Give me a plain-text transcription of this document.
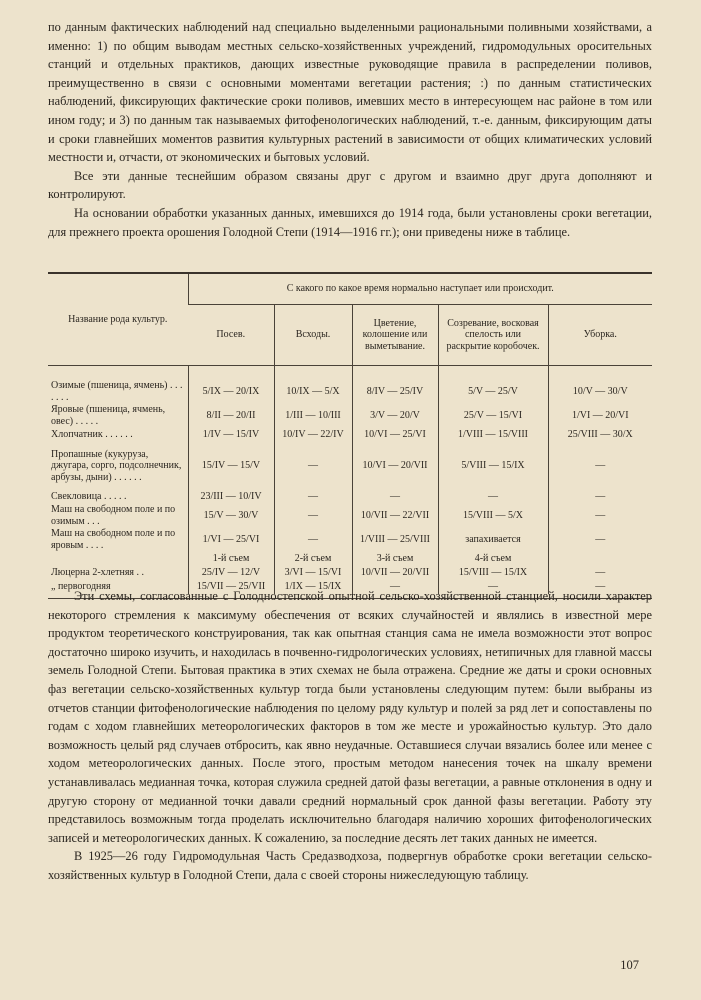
по данным фактических наблюдений над специально выделенными рациональными поливными хозяйствами, а именно: 1) по общим выводам местных сельско-хозяйственных учреждений, гидромодульных оросительных станций и отдельных практиков, дающих известные руководящие правила в распределении поливов, преимущественно в связи с основными моментами вегетации растения; :) по данным статистических наблюдений, фиксирующих фактические сроки поливов, имевших место в интересующем нас районе в том или ином году; и 3) по данным так называемых фитофенологических наблюдений, т.-е. данным, фиксирующим даты и сроки главнейших моментов развития культурных растений в зависимости от общих климатических условий местности и, отчасти, от экономических и бытовых условий.

Все эти данные теснейшим образом связаны друг с другом и взаимно друг друга дополняют и контролируют.

На основании обработки указанных данных, имевшихся до 1914 года, были установлены сроки вегетации, для прежнего проекта орошения Голодной Степи (1914—1916 гг.); они приведены ниже в таблице.

Название рода культур.	С какого по какое время нормально наступает или происходит.				
	Посев.	Всходы.	Цветение, колошение или выметывание.	Созревание, восковая спелость или раскрытие коробочек.	Уборка.

Озимые (пшеница, ячмень) . . . . . . .	5/IX — 20/IX	10/IX — 5/X	8/IV — 25/IV	5/V — 25/V	10/V — 30/V
Яровые (пшеница, ячмень, овес) . . . . .	8/II — 20/II	1/III — 10/III	3/V — 20/V	25/V — 15/VI	1/VI — 20/VI
Хлопчатник . . . . . .	1/IV — 15/IV	10/IV — 22/IV	10/VI — 25/VI	1/VIII — 15/VIII	25/VIII — 30/X
Пропашные (кукуруза, джугара, сорго, подсолнечник, арбузы, дыни) . . . . . .	15/IV — 15/V	—	10/VI — 20/VII	5/VIII — 15/IX	—
Свекловица . . . . .	23/III — 10/IV	—	—	—	—
Маш на свободном поле и по озимым . . .	15/V — 30/V	—	10/VII — 22/VII	15/VIII — 5/X	—
Маш на свободном поле и по яровым . . . .	1/VI — 25/VI	—	1/VIII — 25/VIII	запахивается	—
	1-й съем	2-й съем	3-й съем	4-й съем	
Люцерна 2-хлетняя . .	25/IV — 12/V	3/VI — 15/VI	10/VII — 20/VII	15/VIII — 15/IX	—
„ первогодняя	15/VII — 25/VII	1/IX — 15/IX	—	—	—

Эти схемы, согласованные с Голодностепской опытной сельско-хозяйственной станцией, носили характер некоторого стремления к максимуму обеспечения от всяких случайностей и являлись в известной мере продуктом теоретического конструирования, так как опытная станция сама не имела возможности этот вопрос достаточно широко изучить, и находилась в почвенно-гидрологических условиях, нетипичных для главной массы земель Голодной Степи. Бытовая практика в этих схемах не была отражена. Средние же даты и сроки основных фаз вегетации сельско-хозяйственных культур тогда были установлены следующим путем: были выбраны из отчетов станции фитофенологические наблюдения по целому ряду культур и полей за ряд лет и сопоставлены по годам с ходом главнейших метеорологических факторов в том же месте и урожайностью культур. Это дало возможность целый ряд случаев отбросить, как явно неудачные. Оставшиеся случаи вязались более или менее с ходом метеорологических данных. После этого, простым методом нанесения точек на шкалу времени устанавливалась медианная точка, которая служила средней датой фазы вегетации, а равные отклонения в одну и другую сторону от медианной точки давали средний нормальный срок данной фазы вегетации. Работу эту представилось возможным тогда проделать исключительно благодаря наличию хороших фитофенологических записей и метеорологических данных. К сожалению, за последние десять лет таких данных не имеется.

В 1925—26 году Гидромодульная Часть Средазводхоза, подвергнув обработке сроки вегетации сельско-хозяйственных культур в Голодной Степи, дала с своей стороны нижеследующую таблицу.

107
